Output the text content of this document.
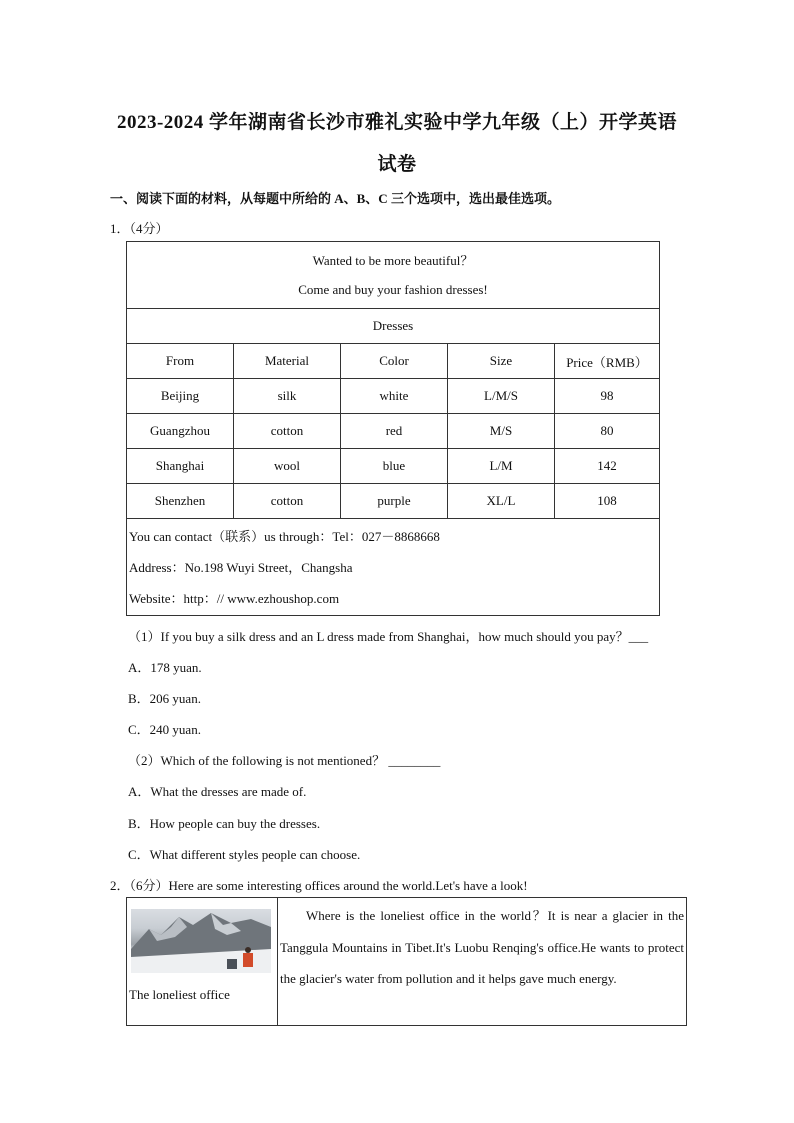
2023-2024 学年湖南省长沙市雅礼实验中学九年级（上）开学英语
试卷
一、阅读下面的材料，从每题中所给的 A、B、C 三个选项中，选出最佳选项。
1．（4分）
Wanted to be more beautiful？
Come and buy your fashion dresses!				

Dresses				
From	Material	Color	Size	Price（RMB）
Beijing	silk	white	L/M/S	98
Guangzhou	cotton	red	M/S	80
Shanghai	wool	blue	L/M	142
Shenzhen	cotton	purple	XL/L	108

You can contact（联系）us through：Tel：027－8868668
Address：No.198 Wuyi Street，Changsha
Website：http：// www.ezhoushop.com				
（1）If you buy a silk dress and an L dress made from Shanghai，how much should you pay？___
A．178 yuan.
B．206 yuan.
C．240 yuan.
（2）Which of the following is not mentioned？ ________
A．What the dresses are made of.
B．How people can buy the dresses.
C．What different styles people can choose.
2．（6分）Here are some interesting offices around the world.Let's have a look!
The loneliest office

Where is the loneliest office in the world？It is near a glacier in the Tanggula Mountains in Tibet.It's Luobu Renqing's office.He wants to protect the glacier's water from pollution and it helps gave much energy.
